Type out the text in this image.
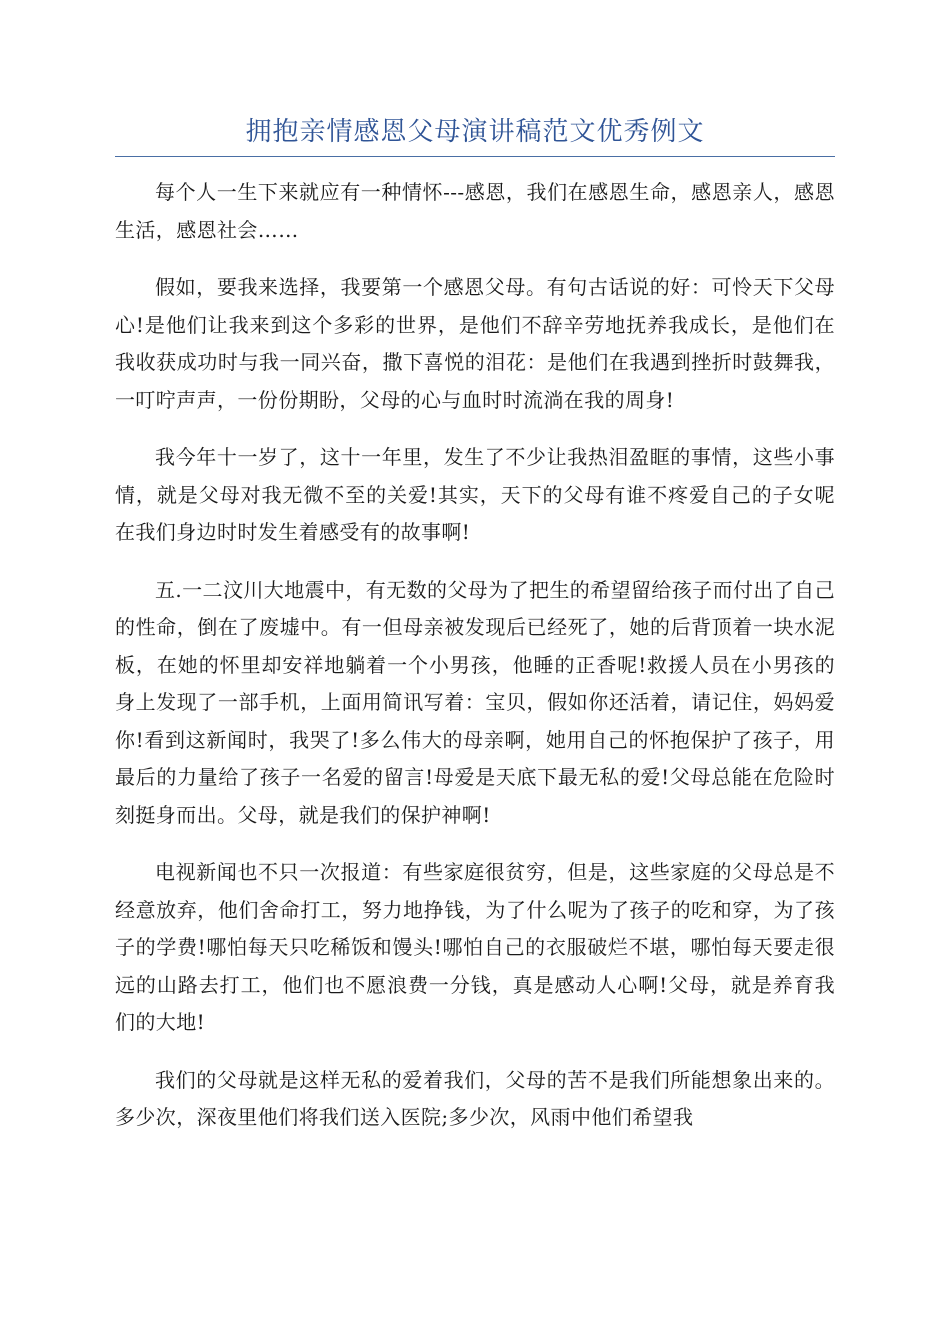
拥抱亲情感恩父母演讲稿范文优秀例文

每个人一生下来就应有一种情怀---感恩，我们在感恩生命，感恩亲人，感恩生活，感恩社会……

假如，要我来选择，我要第一个感恩父母。有句古话说的好：可怜天下父母心!是他们让我来到这个多彩的世界，是他们不辞辛劳地抚养我成长，是他们在我收获成功时与我一同兴奋，撒下喜悦的泪花：是他们在我遇到挫折时鼓舞我，一叮咛声声，一份份期盼，父母的心与血时时流淌在我的周身!

我今年十一岁了，这十一年里，发生了不少让我热泪盈眶的事情，这些小事情，就是父母对我无微不至的关爱!其实，天下的父母有谁不疼爱自己的子女呢在我们身边时时发生着感受有的故事啊!

五.一二汶川大地震中，有无数的父母为了把生的希望留给孩子而付出了自己的性命，倒在了废墟中。有一但母亲被发现后已经死了，她的后背顶着一块水泥板，在她的怀里却安祥地躺着一个小男孩，他睡的正香呢!救援人员在小男孩的身上发现了一部手机，上面用简讯写着：宝贝，假如你还活着，请记住，妈妈爱你!看到这新闻时，我哭了!多么伟大的母亲啊，她用自己的怀抱保护了孩子，用最后的力量给了孩子一名爱的留言!母爱是天底下最无私的爱!父母总能在危险时刻挺身而出。父母，就是我们的保护神啊!

电视新闻也不只一次报道：有些家庭很贫穷，但是，这些家庭的父母总是不经意放弃，他们舍命打工，努力地挣钱，为了什么呢为了孩子的吃和穿，为了孩子的学费!哪怕每天只吃稀饭和馒头!哪怕自己的衣服破烂不堪，哪怕每天要走很远的山路去打工，他们也不愿浪费一分钱，真是感动人心啊!父母，就是养育我们的大地!

我们的父母就是这样无私的爱着我们，父母的苦不是我们所能想象出来的。多少次，深夜里他们将我们送入医院;多少次，风雨中他们希望我
